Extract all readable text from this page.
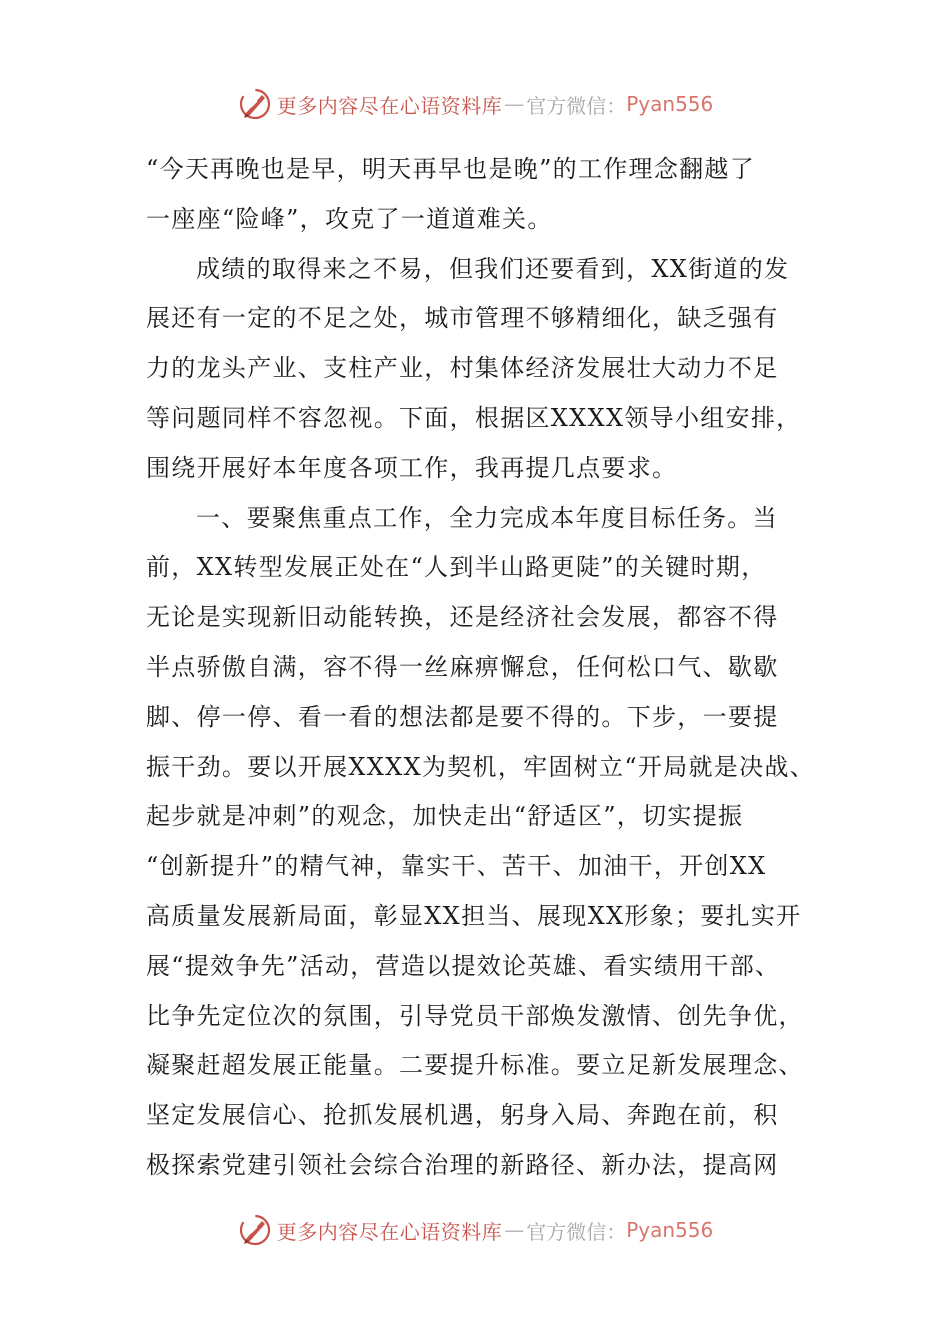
更多内容尽在心语资料库 — 官方微信： Pyan556
“今天再晚也是早，明天再早也是晚”的工作理念翻越了
一座座“险峰”，攻克了一道道难关。
成绩的取得来之不易，但我们还要看到，XX街道的发
展还有一定的不足之处，城市管理不够精细化，缺乏强有
力的龙头产业、支柱产业，村集体经济发展壮大动力不足
等问题同样不容忽视。下面，根据区XXXX领导小组安排，
围绕开展好本年度各项工作，我再提几点要求。
一、要聚焦重点工作，全力完成本年度目标任务。当
前，XX转型发展正处在“人到半山路更陡”的关键时期，
无论是实现新旧动能转换，还是经济社会发展，都容不得
半点骄傲自满，容不得一丝麻痹懈怠，任何松口气、歇歇
脚、停一停、看一看的想法都是要不得的。下步，一要提
振干劲。要以开展XXXX为契机，牢固树立“开局就是决战、
起步就是冲刺”的观念，加快走出“舒适区”，切实提振
“创新提升”的精气神，靠实干、苦干、加油干，开创XX
高质量发展新局面，彰显XX担当、展现XX形象；要扎实开
展“提效争先”活动，营造以提效论英雄、看实绩用干部、
比争先定位次的氛围，引导党员干部焕发激情、创先争优，
凝聚赶超发展正能量。二要提升标准。要立足新发展理念、
坚定发展信心、抢抓发展机遇，躬身入局、奔跑在前，积
极探索党建引领社会综合治理的新路径、新办法，提高网
更多内容尽在心语资料库 — 官方微信： Pyan556
